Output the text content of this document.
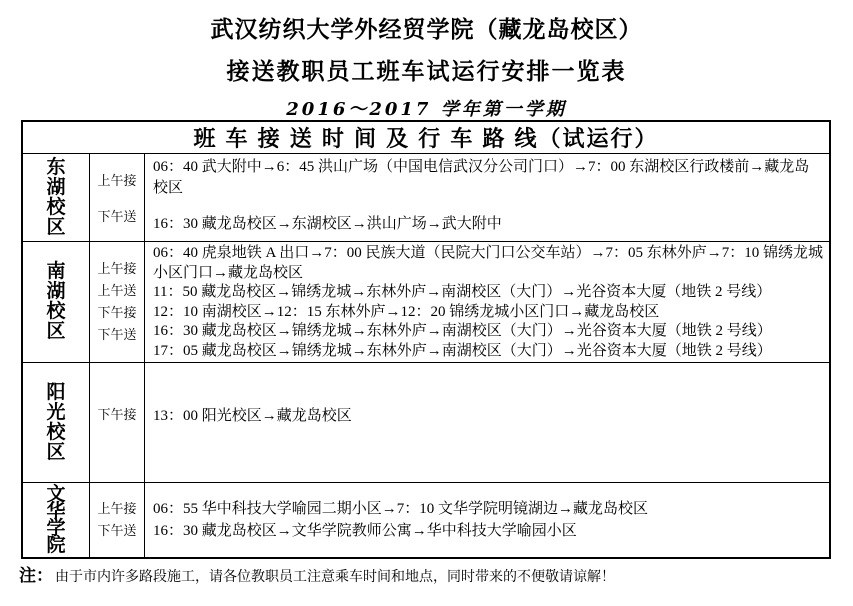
武汉纺织大学外经贸学院（藏龙岛校区）
接送教职员工班车试运行安排一览表
2016～2017 学年第一学期
班 车 接 送 时 间 及 行 车 路 线（试运行）
东湖校区
上午接
下午送

06：40 武大附中→6：45 洪山广场（中国电信武汉分公司门口）→7：00 东湖校区行政楼前→藏龙岛校区

16：30 藏龙岛校区→东湖校区→洪山广场→武大附中

南湖校区
上午接
上午送
下午接
下午送

06：40 虎泉地铁 A 出口→7：00 民族大道（民院大门口公交车站）→7：05 东林外庐→7：10 锦绣龙城小区门口→藏龙岛校区

11：50 藏龙岛校区→锦绣龙城→东林外庐→南湖校区（大门）→光谷资本大厦（地铁 2 号线）

12：10 南湖校区→12：15 东林外庐→12：20 锦绣龙城小区门口→藏龙岛校区

16：30 藏龙岛校区→锦绣龙城→东林外庐→南湖校区（大门）→光谷资本大厦（地铁 2 号线）

17：05 藏龙岛校区→锦绣龙城→东林外庐→南湖校区（大门）→光谷资本大厦（地铁 2 号线）

阳光校区
下午接 13：00 阳光校区→藏龙岛校区

文华学院
上午接
下午送

06：55 华中科技大学喻园二期小区→7：10 文华学院明镜湖边→藏龙岛校区

16：30 藏龙岛校区→文华学院教师公寓→华中科技大学喻园小区

注： 由于市内许多路段施工，请各位教职员工注意乘车时间和地点，同时带来的不便敬请谅解！
